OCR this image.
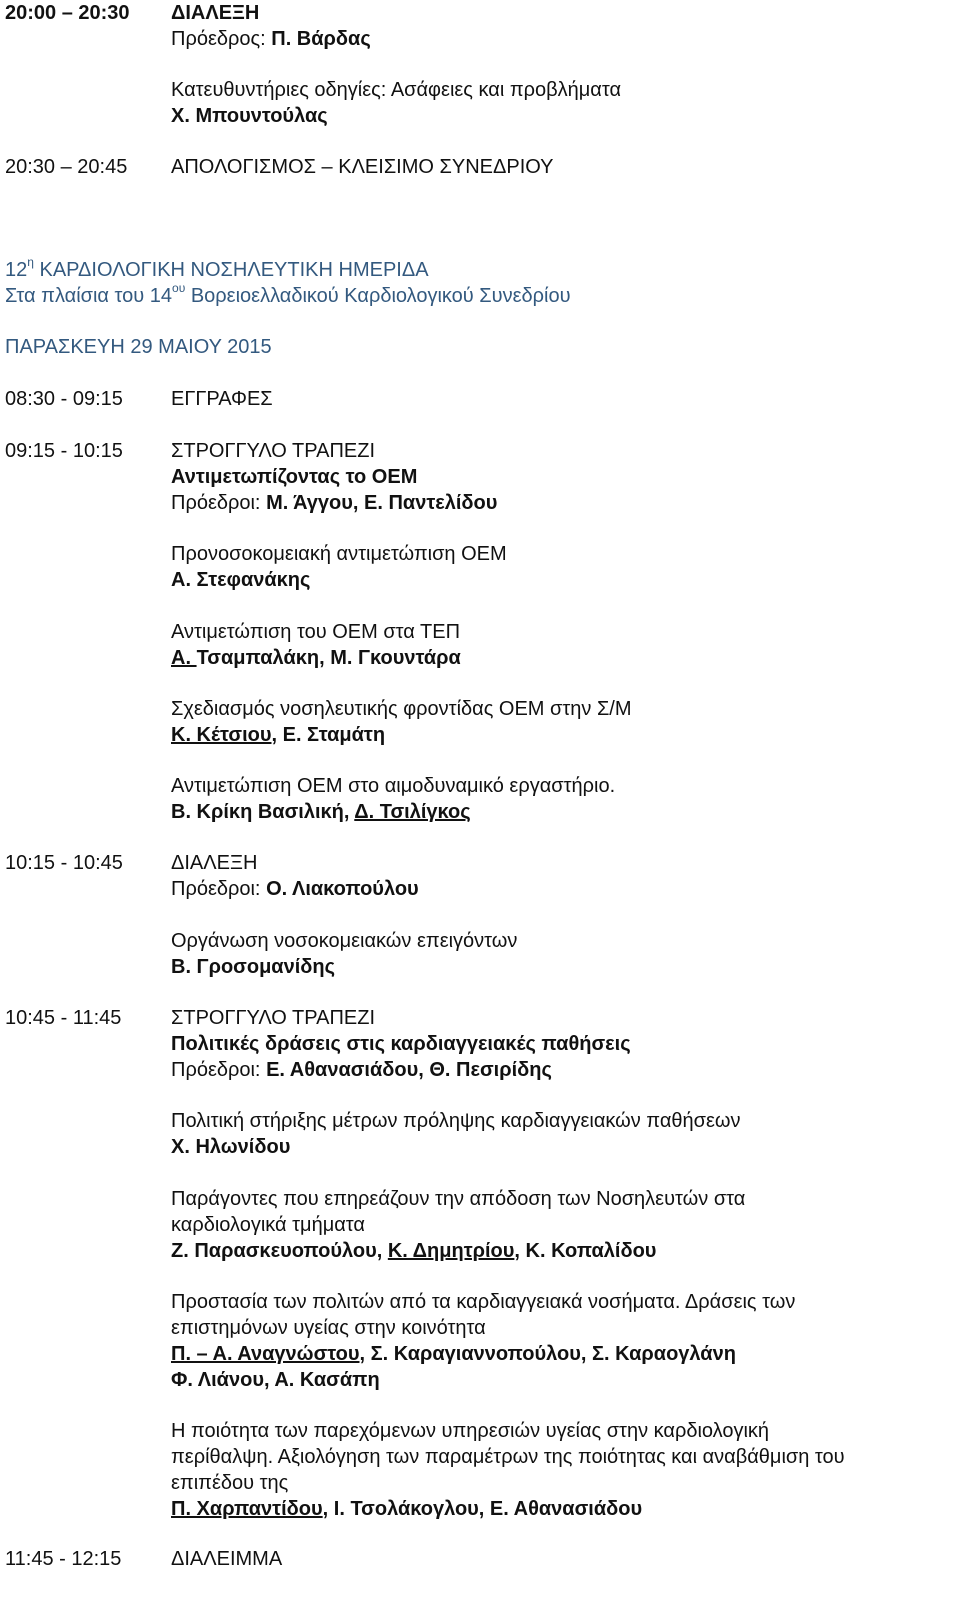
20:00 – 20:30	ΔΙΑΛΕΞΗ
Πρόεδρος: Π. Βάρδας
Κατευθυντήριες οδηγίες: Ασάφειες και προβλήματα
Χ. Μπουντούλας
20:30 – 20:45	ΑΠΟΛΟΓΙΣΜΟΣ – ΚΛΕΙΣΙΜΟ ΣΥΝΕΔΡΙΟΥ
$12^\eta$ ΚΑΡΔΙΟΛΟΓΙΚΗ ΝΟΣΗΛΕΥΤΙΚΗ ΗΜΕΡΙΔΑ
Στα πλαίσια του $14^{o\upsilon}$ Βορειοελλαδικού Καρδιολογικού Συνεδρίου
ΠΑΡΑΣΚΕΥΗ 29 ΜΑΙΟΥ 2015
08:30 - 09:15	ΕΓΓΡΑΦΕΣ
09:15 - 10:15	ΣΤΡΟΓΓΥΛΟ ΤΡΑΠΕΖΙ
Αντιμετωπίζοντας το ΟΕΜ
Πρόεδροι: Μ. Άγγου, Ε. Παντελίδου
Προνοσοκομειακή αντιμετώπιση ΟΕΜ
Α. Στεφανάκης
Αντιμετώπιση του ΟΕΜ στα ΤΕΠ
Α. Τσαμπαλάκη, Μ. Γκουντάρα
Σχεδιασμός νοσηλευτικής φροντίδας ΟΕΜ στην Σ/Μ
Κ. Κέτσιου, Ε. Σταμάτη
Αντιμετώπιση ΟΕΜ στο αιμοδυναμικό εργαστήριο.
Β. Κρίκη Βασιλική, Δ. Τσιλίγκος
10:15 - 10:45	ΔΙΑΛΕΞΗ
Πρόεδροι: Ο. Λιακοπούλου
Οργάνωση νοσοκομειακών επειγόντων
Β. Γροσομανίδης
10:45 - 11:45	ΣΤΡΟΓΓΥΛΟ ΤΡΑΠΕΖΙ
Πολιτικές δράσεις στις καρδιαγγειακές παθήσεις
Πρόεδροι: Ε. Αθανασιάδου, Θ. Πεσιρίδης
Πολιτική στήριξης μέτρων πρόληψης καρδιαγγειακών παθήσεων
Χ. Ηλωνίδου
Παράγοντες που επηρεάζουν την απόδοση των Νοσηλευτών στα
καρδιολογικά τμήματα
Ζ. Παρασκευοπούλου, Κ. Δημητρίου, Κ. Κοπαλίδου
Προστασία των πολιτών από τα καρδιαγγειακά νοσήματα. Δράσεις των
επιστημόνων υγείας στην κοινότητα
Π. – Α. Αναγνώστου, Σ. Καραγιαννοπούλου, Σ. Καραογλάνη
Φ. Λιάνου, Α. Κασάπη
Η ποιότητα των παρεχόμενων υπηρεσιών υγείας στην καρδιολογική
περίθαλψη. Αξιολόγηση των παραμέτρων της ποιότητας και αναβάθμιση του
επιπέδου της
Π. Χαρπαντίδου, Ι. Τσολάκογλου, Ε. Αθανασιάδου
11:45 - 12:15	ΔΙΑΛΕΙΜΜΑ
